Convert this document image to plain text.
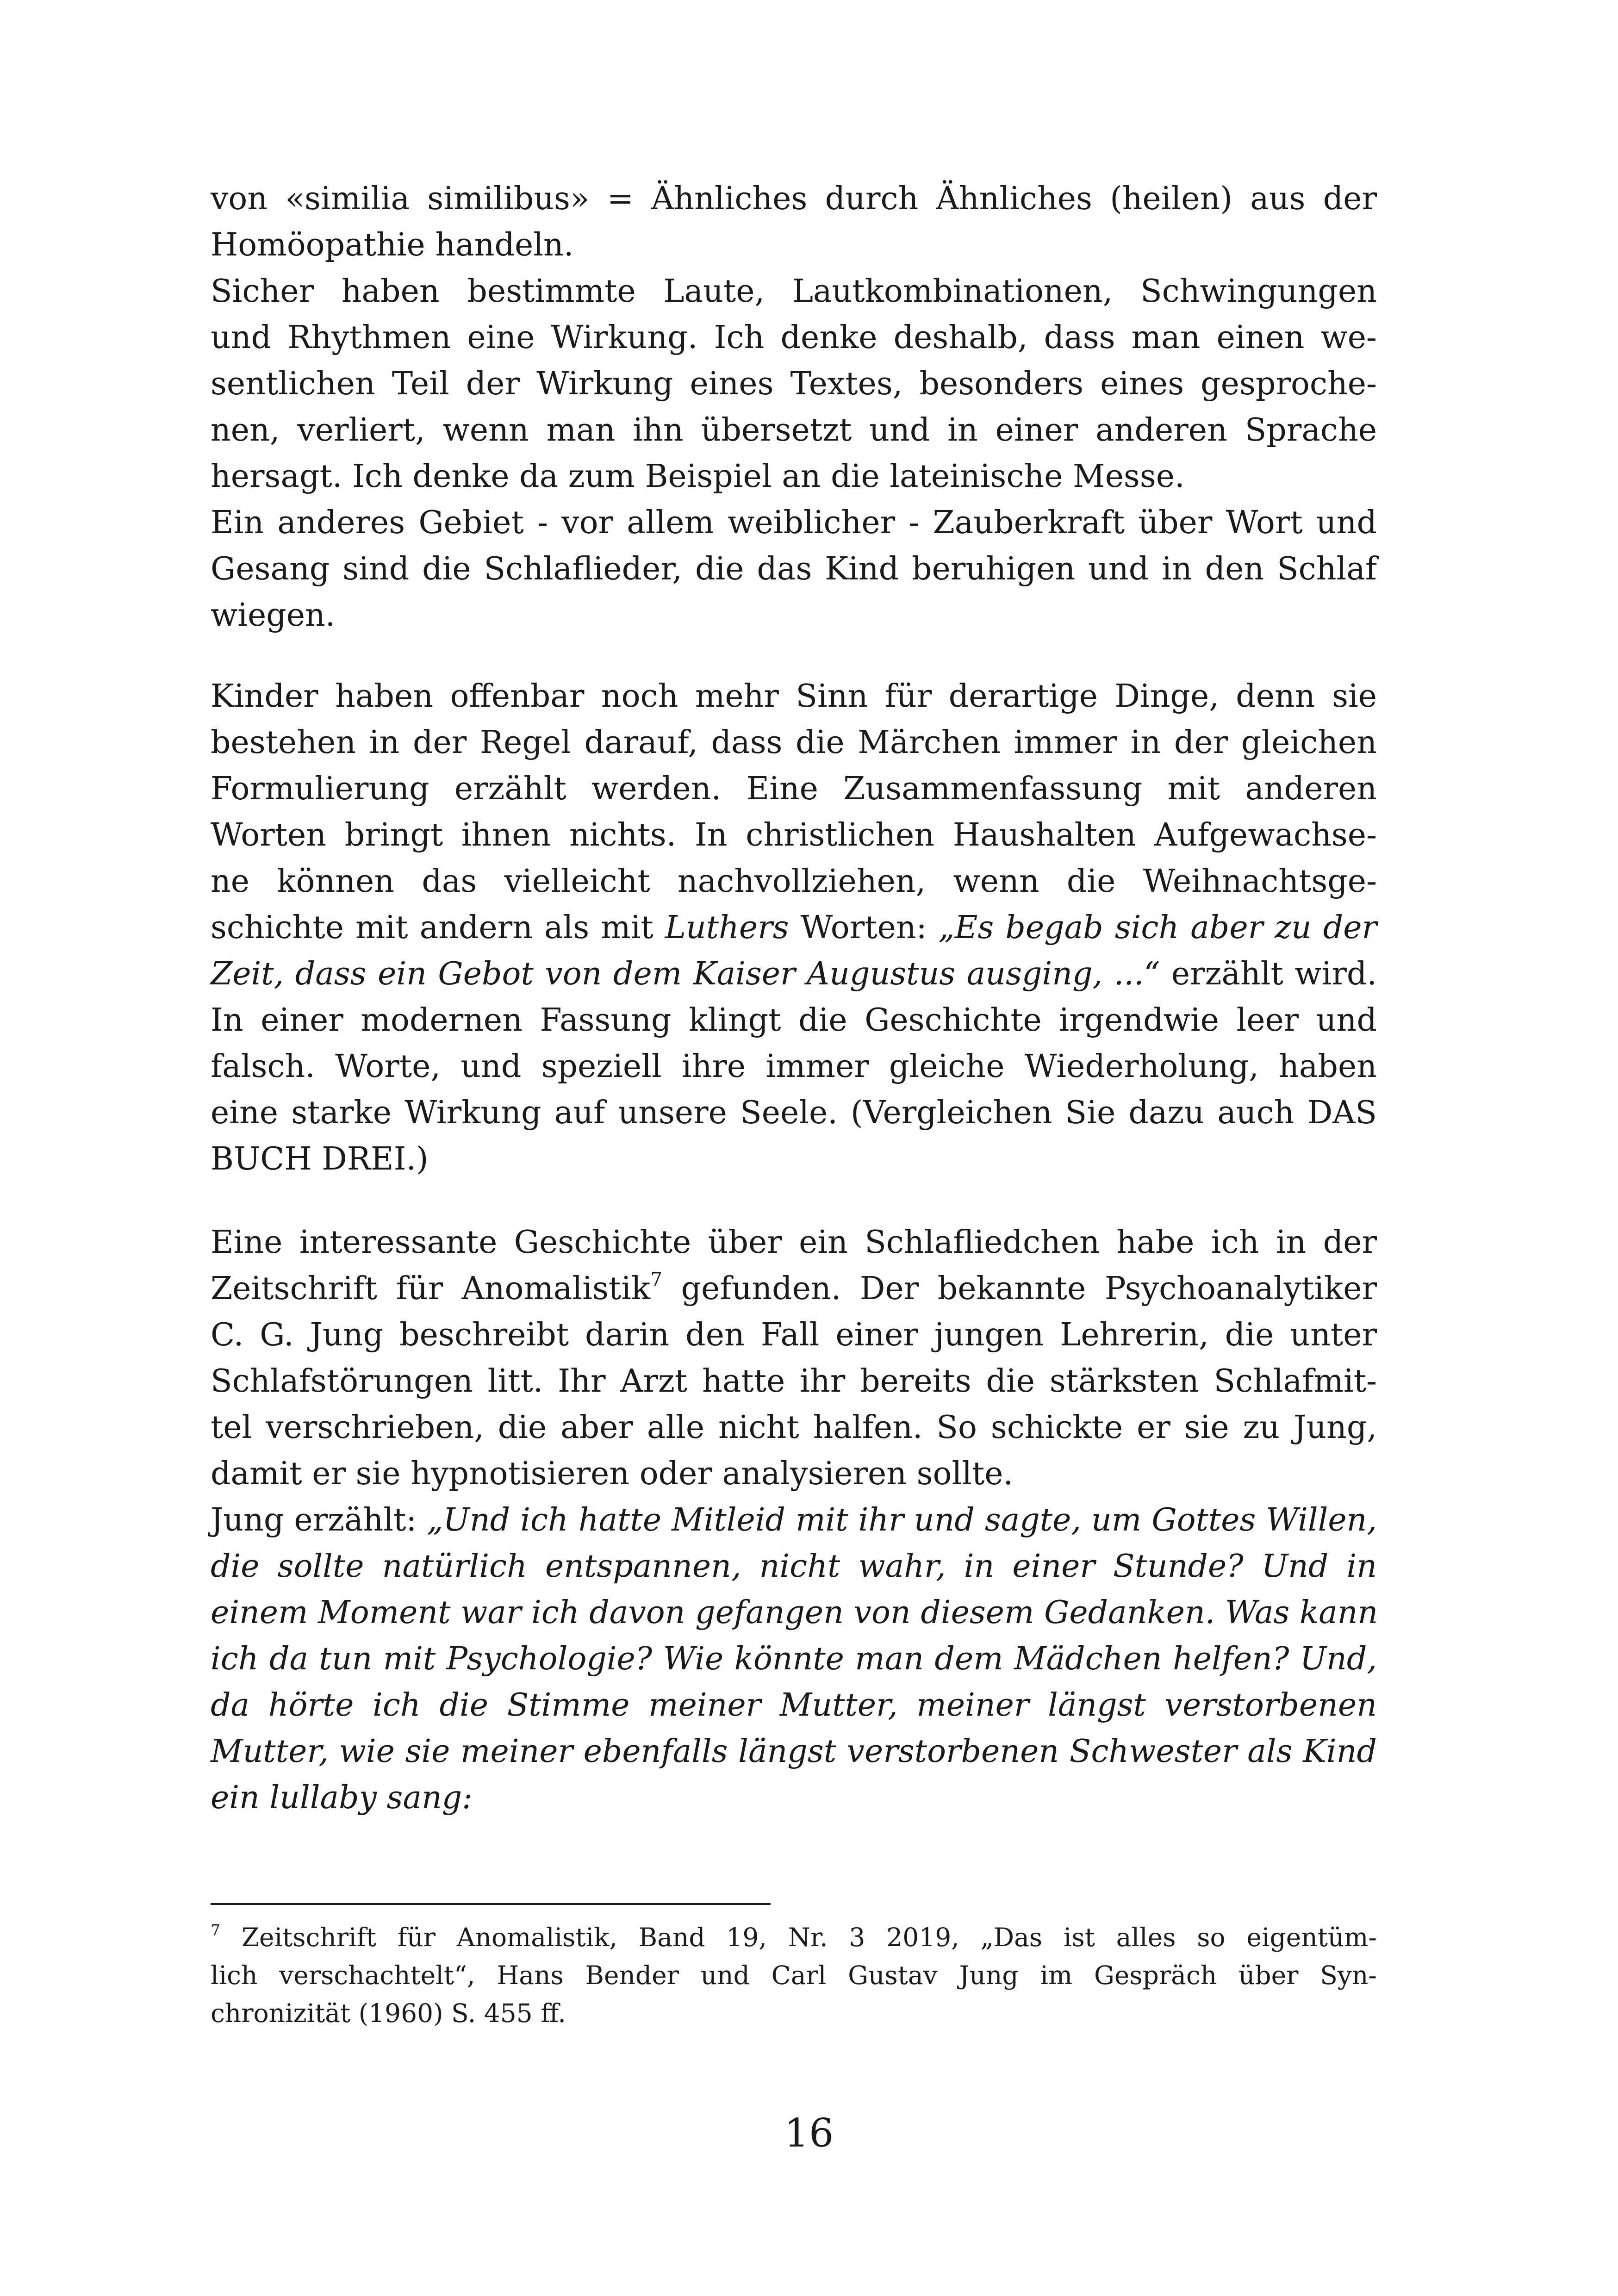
von «similia similibus» = Ähnliches durch Ähnliches (heilen) aus der
Homöopathie handeln.
Sicher haben bestimmte Laute, Lautkombinationen, Schwingungen
und Rhythmen eine Wirkung. Ich denke deshalb, dass man einen we-
sentlichen Teil der Wirkung eines Textes, besonders eines gesproche-
nen, verliert, wenn man ihn übersetzt und in einer anderen Sprache
hersagt. Ich denke da zum Beispiel an die lateinische Messe.
Ein anderes Gebiet - vor allem weiblicher - Zauberkraft über Wort und
Gesang sind die Schlaflieder, die das Kind beruhigen und in den Schlaf
wiegen.
Kinder haben offenbar noch mehr Sinn für derartige Dinge, denn sie
bestehen in der Regel darauf, dass die Märchen immer in der gleichen
Formulierung erzählt werden. Eine Zusammenfassung mit anderen
Worten bringt ihnen nichts. In christlichen Haushalten Aufgewachse-
ne können das vielleicht nachvollziehen, wenn die Weihnachtsge-
schichte mit andern als mit Luthers Worten: „Es begab sich aber zu der
Zeit, dass ein Gebot von dem Kaiser Augustus ausging, ...“ erzählt wird.
In einer modernen Fassung klingt die Geschichte irgendwie leer und
falsch. Worte, und speziell ihre immer gleiche Wiederholung, haben
eine starke Wirkung auf unsere Seele. (Vergleichen Sie dazu auch DAS
BUCH DREI.)
Eine interessante Geschichte über ein Schlafliedchen habe ich in der
Zeitschrift für Anomalistik$^7$ gefunden. Der bekannte Psychoanalytiker
C. G. Jung beschreibt darin den Fall einer jungen Lehrerin, die unter
Schlafstörungen litt. Ihr Arzt hatte ihr bereits die stärksten Schlafmit-
tel verschrieben, die aber alle nicht halfen. So schickte er sie zu Jung,
damit er sie hypnotisieren oder analysieren sollte.
Jung erzählt: „Und ich hatte Mitleid mit ihr und sagte, um Gottes Willen,
die sollte natürlich entspannen, nicht wahr, in einer Stunde? Und in
einem Moment war ich davon gefangen von diesem Gedanken. Was kann
ich da tun mit Psychologie? Wie könnte man dem Mädchen helfen? Und,
da hörte ich die Stimme meiner Mutter, meiner längst verstorbenen
Mutter, wie sie meiner ebenfalls längst verstorbenen Schwester als Kind
ein lullaby sang:
$^7$ Zeitschrift für Anomalistik, Band 19, Nr. 3 2019, „Das ist alles so eigentüm-
lich verschachtelt“, Hans Bender und Carl Gustav Jung im Gespräch über Syn-
chronizität (1960) S. 455 ff.
16
